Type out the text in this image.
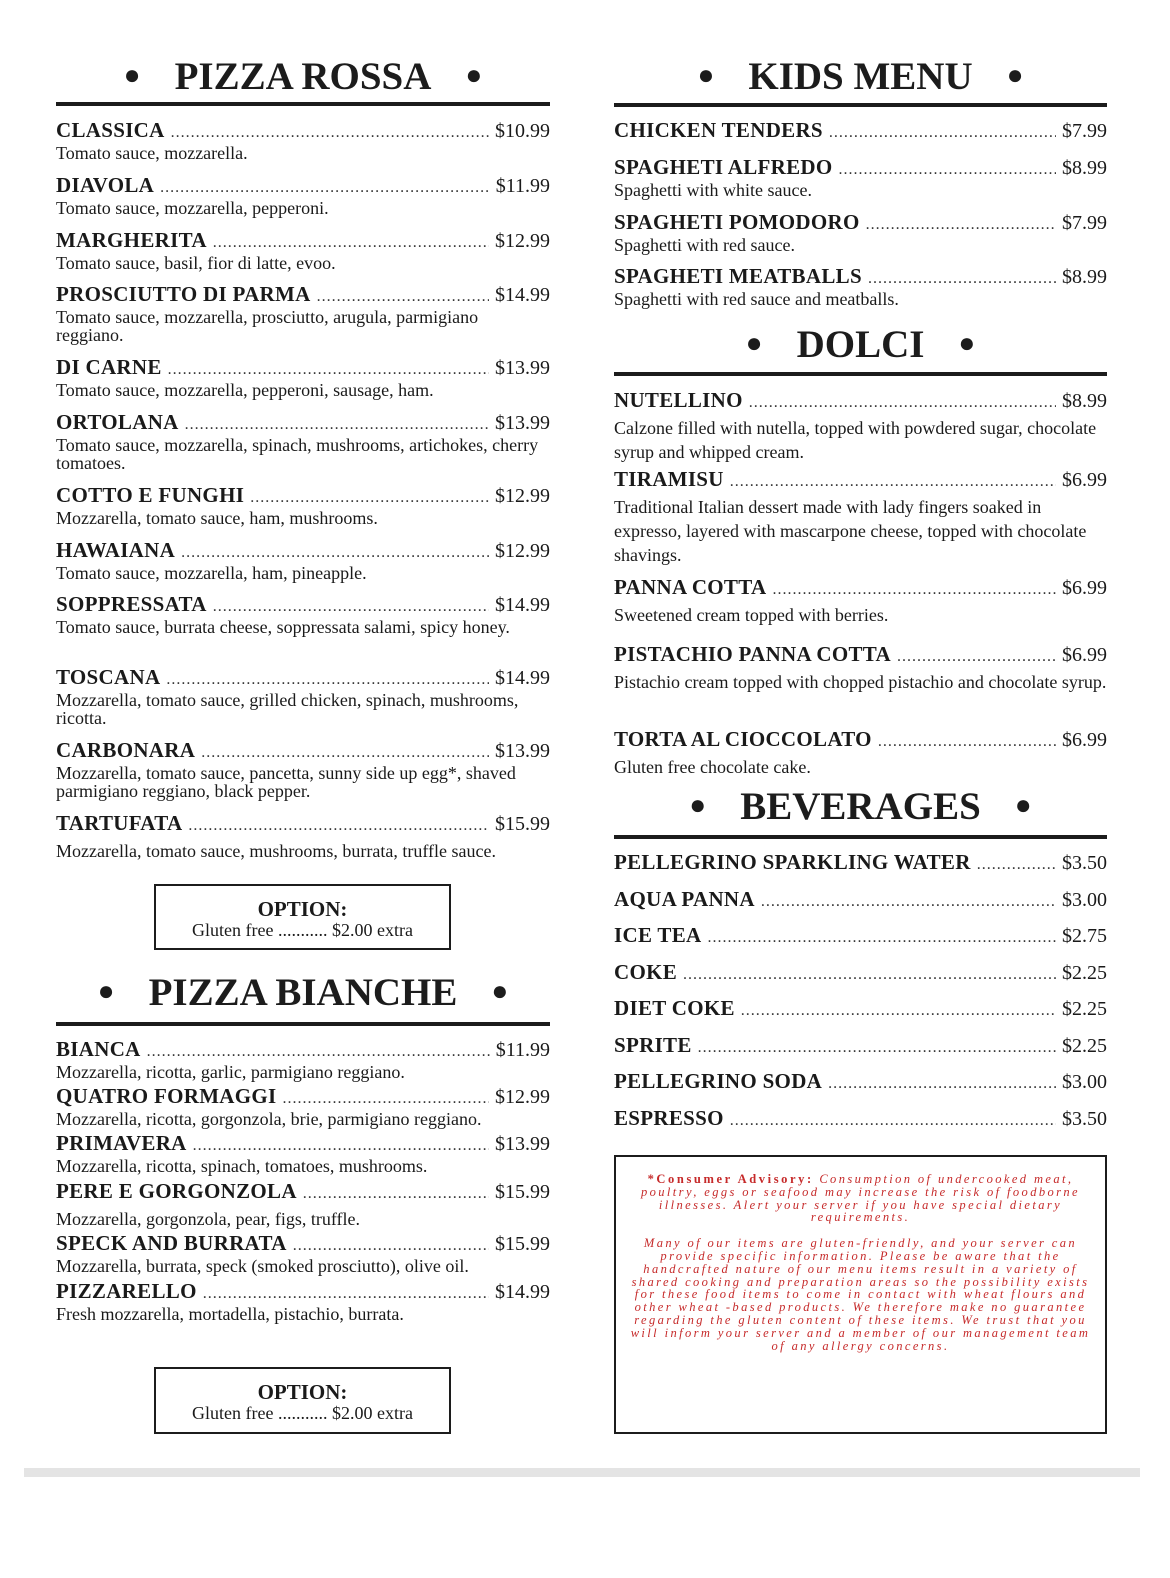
● PIZZA ROSSA ●
CLASSICA .....	$10.99
Tomato sauce, mozzarella.
DIAVOLA .....	$11.99
Tomato sauce, mozzarella, pepperoni.
MARGHERITA .....	$12.99
Tomato sauce, basil, fior di latte, evoo.
PROSCIUTTO DI PARMA .....	$14.99
Tomato sauce, mozzarella, prosciutto, arugula, parmigiano reggiano.
DI CARNE .....	$13.99
Tomato sauce, mozzarella, pepperoni, sausage, ham.
ORTOLANA .....	$13.99
Tomato sauce, mozzarella, spinach, mushrooms, artichokes, cherry tomatoes.
COTTO E FUNGHI .....	$12.99
Mozzarella, tomato sauce, ham, mushrooms.
HAWAIANA .....	$12.99
Tomato sauce, mozzarella, ham, pineapple.
SOPPRESSATA .....	$14.99
Tomato sauce, burrata cheese, soppressata salami, spicy honey.
TOSCANA .....	$14.99
Mozzarella, tomato sauce, grilled chicken, spinach, mushrooms, ricotta.
CARBONARA .....	$13.99
Mozzarella, tomato sauce, pancetta, sunny side up egg*, shaved parmigiano reggiano, black pepper.
TARTUFATA .....	$15.99
Mozzarella, tomato sauce, mushrooms, burrata, truffle sauce.
OPTION:
Gluten free ........... $2.00 extra
● PIZZA BIANCHE ●
BIANCA .....	$11.99
Mozzarella, ricotta, garlic, parmigiano reggiano.
QUATRO FORMAGGI .....	$12.99
Mozzarella, ricotta, gorgonzola, brie, parmigiano reggiano.
PRIMAVERA .....	$13.99
Mozzarella, ricotta, spinach, tomatoes, mushrooms.
PERE E GORGONZOLA .....	$15.99
Mozzarella, gorgonzola, pear, figs, truffle.
SPECK AND BURRATA .....	$15.99
Mozzarella, burrata, speck (smoked prosciutto), olive oil.
PIZZARELLO .....	$14.99
Fresh mozzarella, mortadella, pistachio, burrata.
OPTION:
Gluten free ........... $2.00 extra
● KIDS MENU ●
CHICKEN TENDERS .....	$7.99
SPAGHETI ALFREDO .....	$8.99
Spaghetti with white sauce.
SPAGHETI POMODORO .....	$7.99
Spaghetti with red sauce.
SPAGHETI MEATBALLS .....	$8.99
Spaghetti with red sauce and meatballs.
● DOLCI ●
NUTELLINO .....	$8.99
Calzone filled with nutella, topped with powdered sugar, chocolate syrup and whipped cream.
TIRAMISU .....	$6.99
Traditional Italian dessert made with lady fingers soaked in expresso, layered with mascarpone cheese, topped with chocolate shavings.
PANNA COTTA .....	$6.99
Sweetened cream topped with berries.
PISTACHIO PANNA COTTA .....	$6.99
Pistachio cream topped with chopped pistachio and chocolate syrup.
TORTA AL CIOCCOLATO .....	$6.99
Gluten free chocolate cake.
● BEVERAGES ●
PELLEGRINO SPARKLING WATER .....	$3.50
AQUA PANNA .....	$3.00
ICE TEA .....	$2.75
COKE .....	$2.25
DIET COKE .....	$2.25
SPRITE .....	$2.25
PELLEGRINO SODA .....	$3.00
ESPRESSO .....	$3.50

*Consumer Advisory: Consumption of undercooked meat, poultry, eggs or seafood may increase the risk of foodborne illnesses. Alert your server if you have special dietary requirements.

Many of our items are gluten-friendly, and your server can provide specific information. Please be aware that the handcrafted nature of our menu items result in a variety of shared cooking and preparation areas so the possibility exists for these food items to come in contact with wheat flours and other wheat -based products. We therefore make no guarantee regarding the gluten content of these items. We trust that you will inform your server and a member of our management team of any allergy concerns.
